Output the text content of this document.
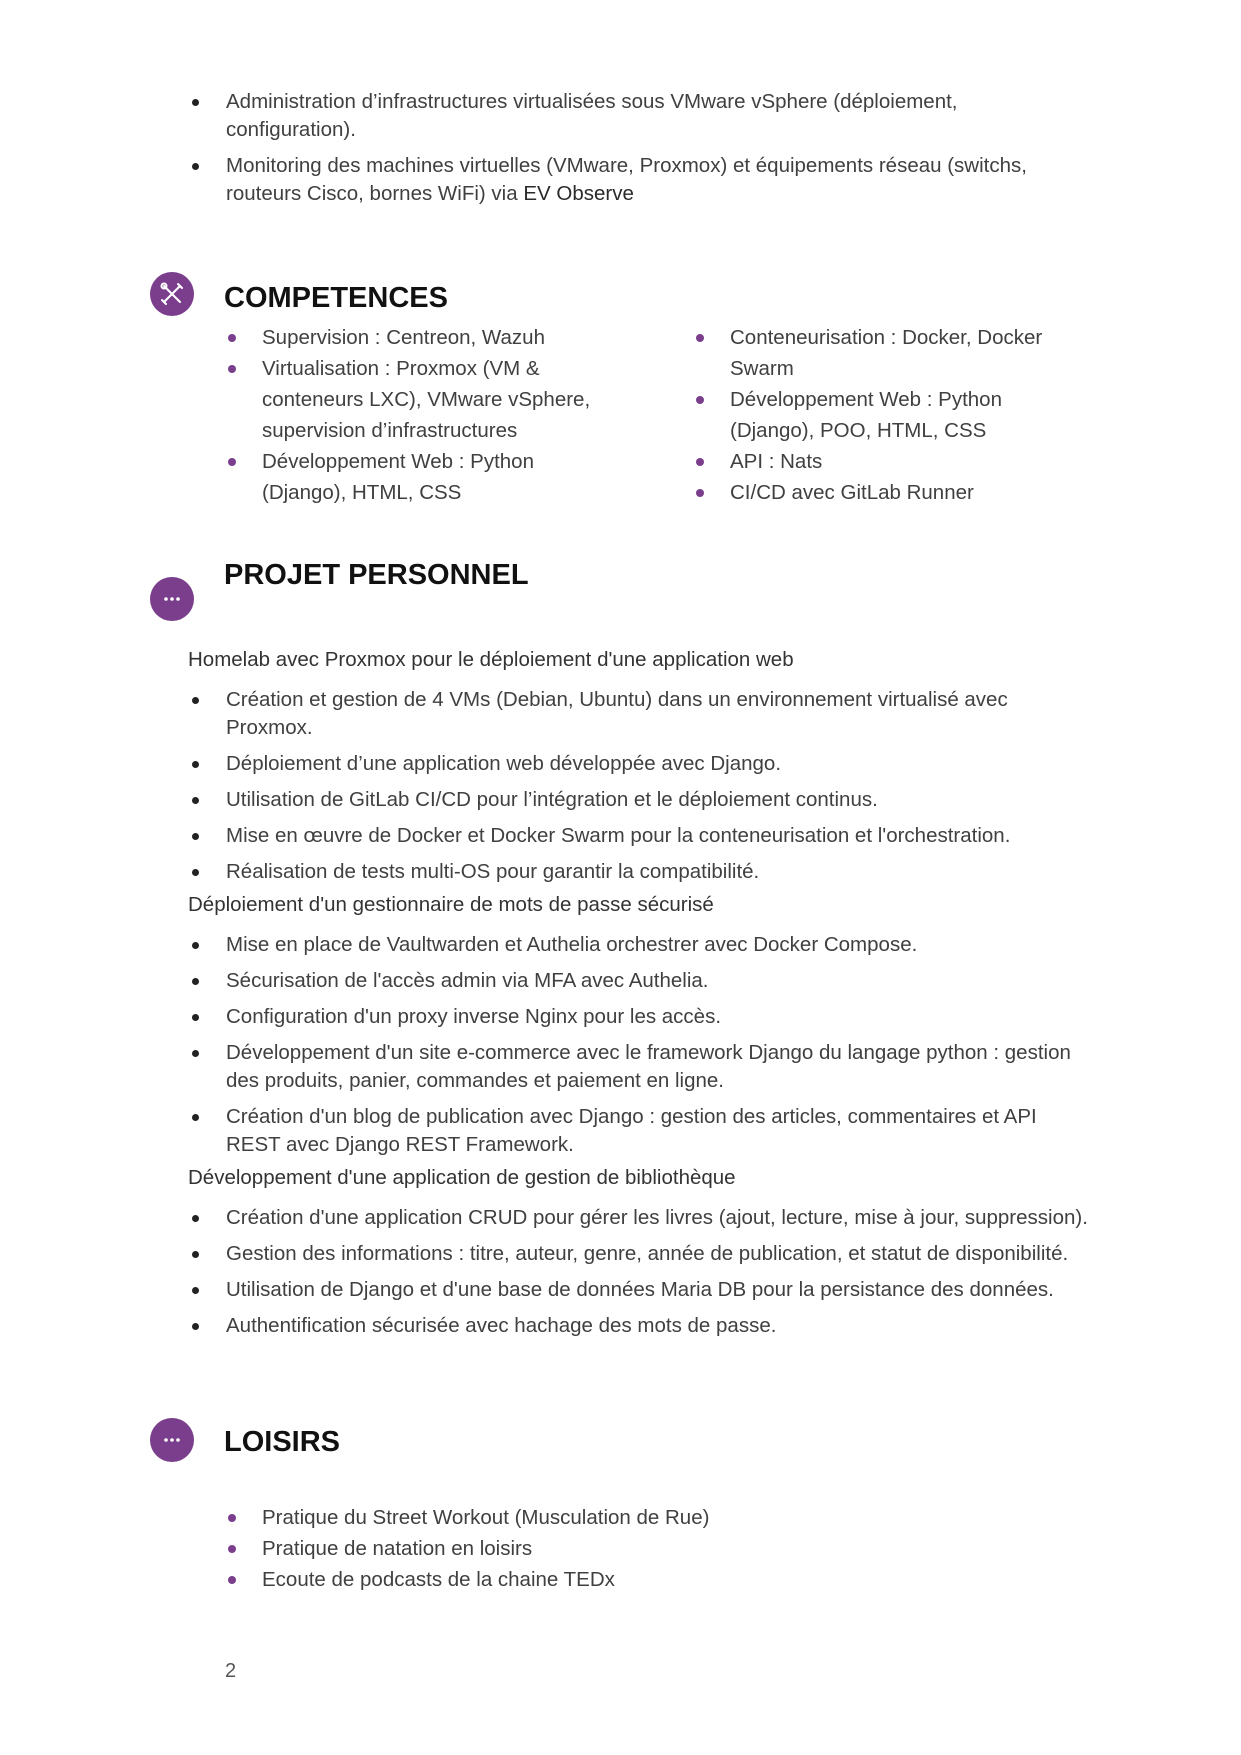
Administration d’infrastructures virtualisées sous VMware vSphere (déploiement, configuration).
Monitoring des machines virtuelles (VMware, Proxmox) et équipements réseau (switchs, routeurs Cisco, bornes WiFi) via EV Observe
COMPETENCES
Supervision : Centreon, Wazuh
Virtualisation : Proxmox (VM & conteneurs LXC), VMware vSphere, supervision d’infrastructures
Développement Web : Python (Django), HTML, CSS
Conteneurisation : Docker, Docker Swarm
Développement Web : Python (Django), POO, HTML, CSS
API : Nats
CI/CD avec GitLab Runner
PROJET PERSONNEL
Homelab avec Proxmox pour le déploiement d'une application web
Création et gestion de 4 VMs (Debian, Ubuntu) dans un environnement virtualisé avec Proxmox.
Déploiement d’une application web développée avec Django.
Utilisation de GitLab CI/CD pour l’intégration et le déploiement continus.
Mise en œuvre de Docker et Docker Swarm pour la conteneurisation et l'orchestration.
Réalisation de tests multi-OS pour garantir la compatibilité.
Déploiement d'un gestionnaire de mots de passe sécurisé
Mise en place de Vaultwarden et Authelia orchestrer avec Docker Compose.
Sécurisation de l'accès admin via MFA avec Authelia.
Configuration d'un proxy inverse Nginx pour les accès.
Développement d'un site e-commerce avec le framework Django du langage python : gestion des produits, panier, commandes et paiement en ligne.
Création d'un blog de publication avec Django : gestion des articles, commentaires et API REST avec Django REST Framework.
Développement d'une application de gestion de bibliothèque
Création d'une application CRUD pour gérer les livres (ajout, lecture, mise à jour, suppression).
Gestion des informations : titre, auteur, genre, année de publication, et statut de disponibilité.
Utilisation de Django et d'une base de données Maria DB pour la persistance des données.
Authentification sécurisée avec hachage des mots de passe.
LOISIRS
Pratique du Street Workout (Musculation de Rue)
Pratique de natation en loisirs
Ecoute de podcasts de la chaine TEDx
2
